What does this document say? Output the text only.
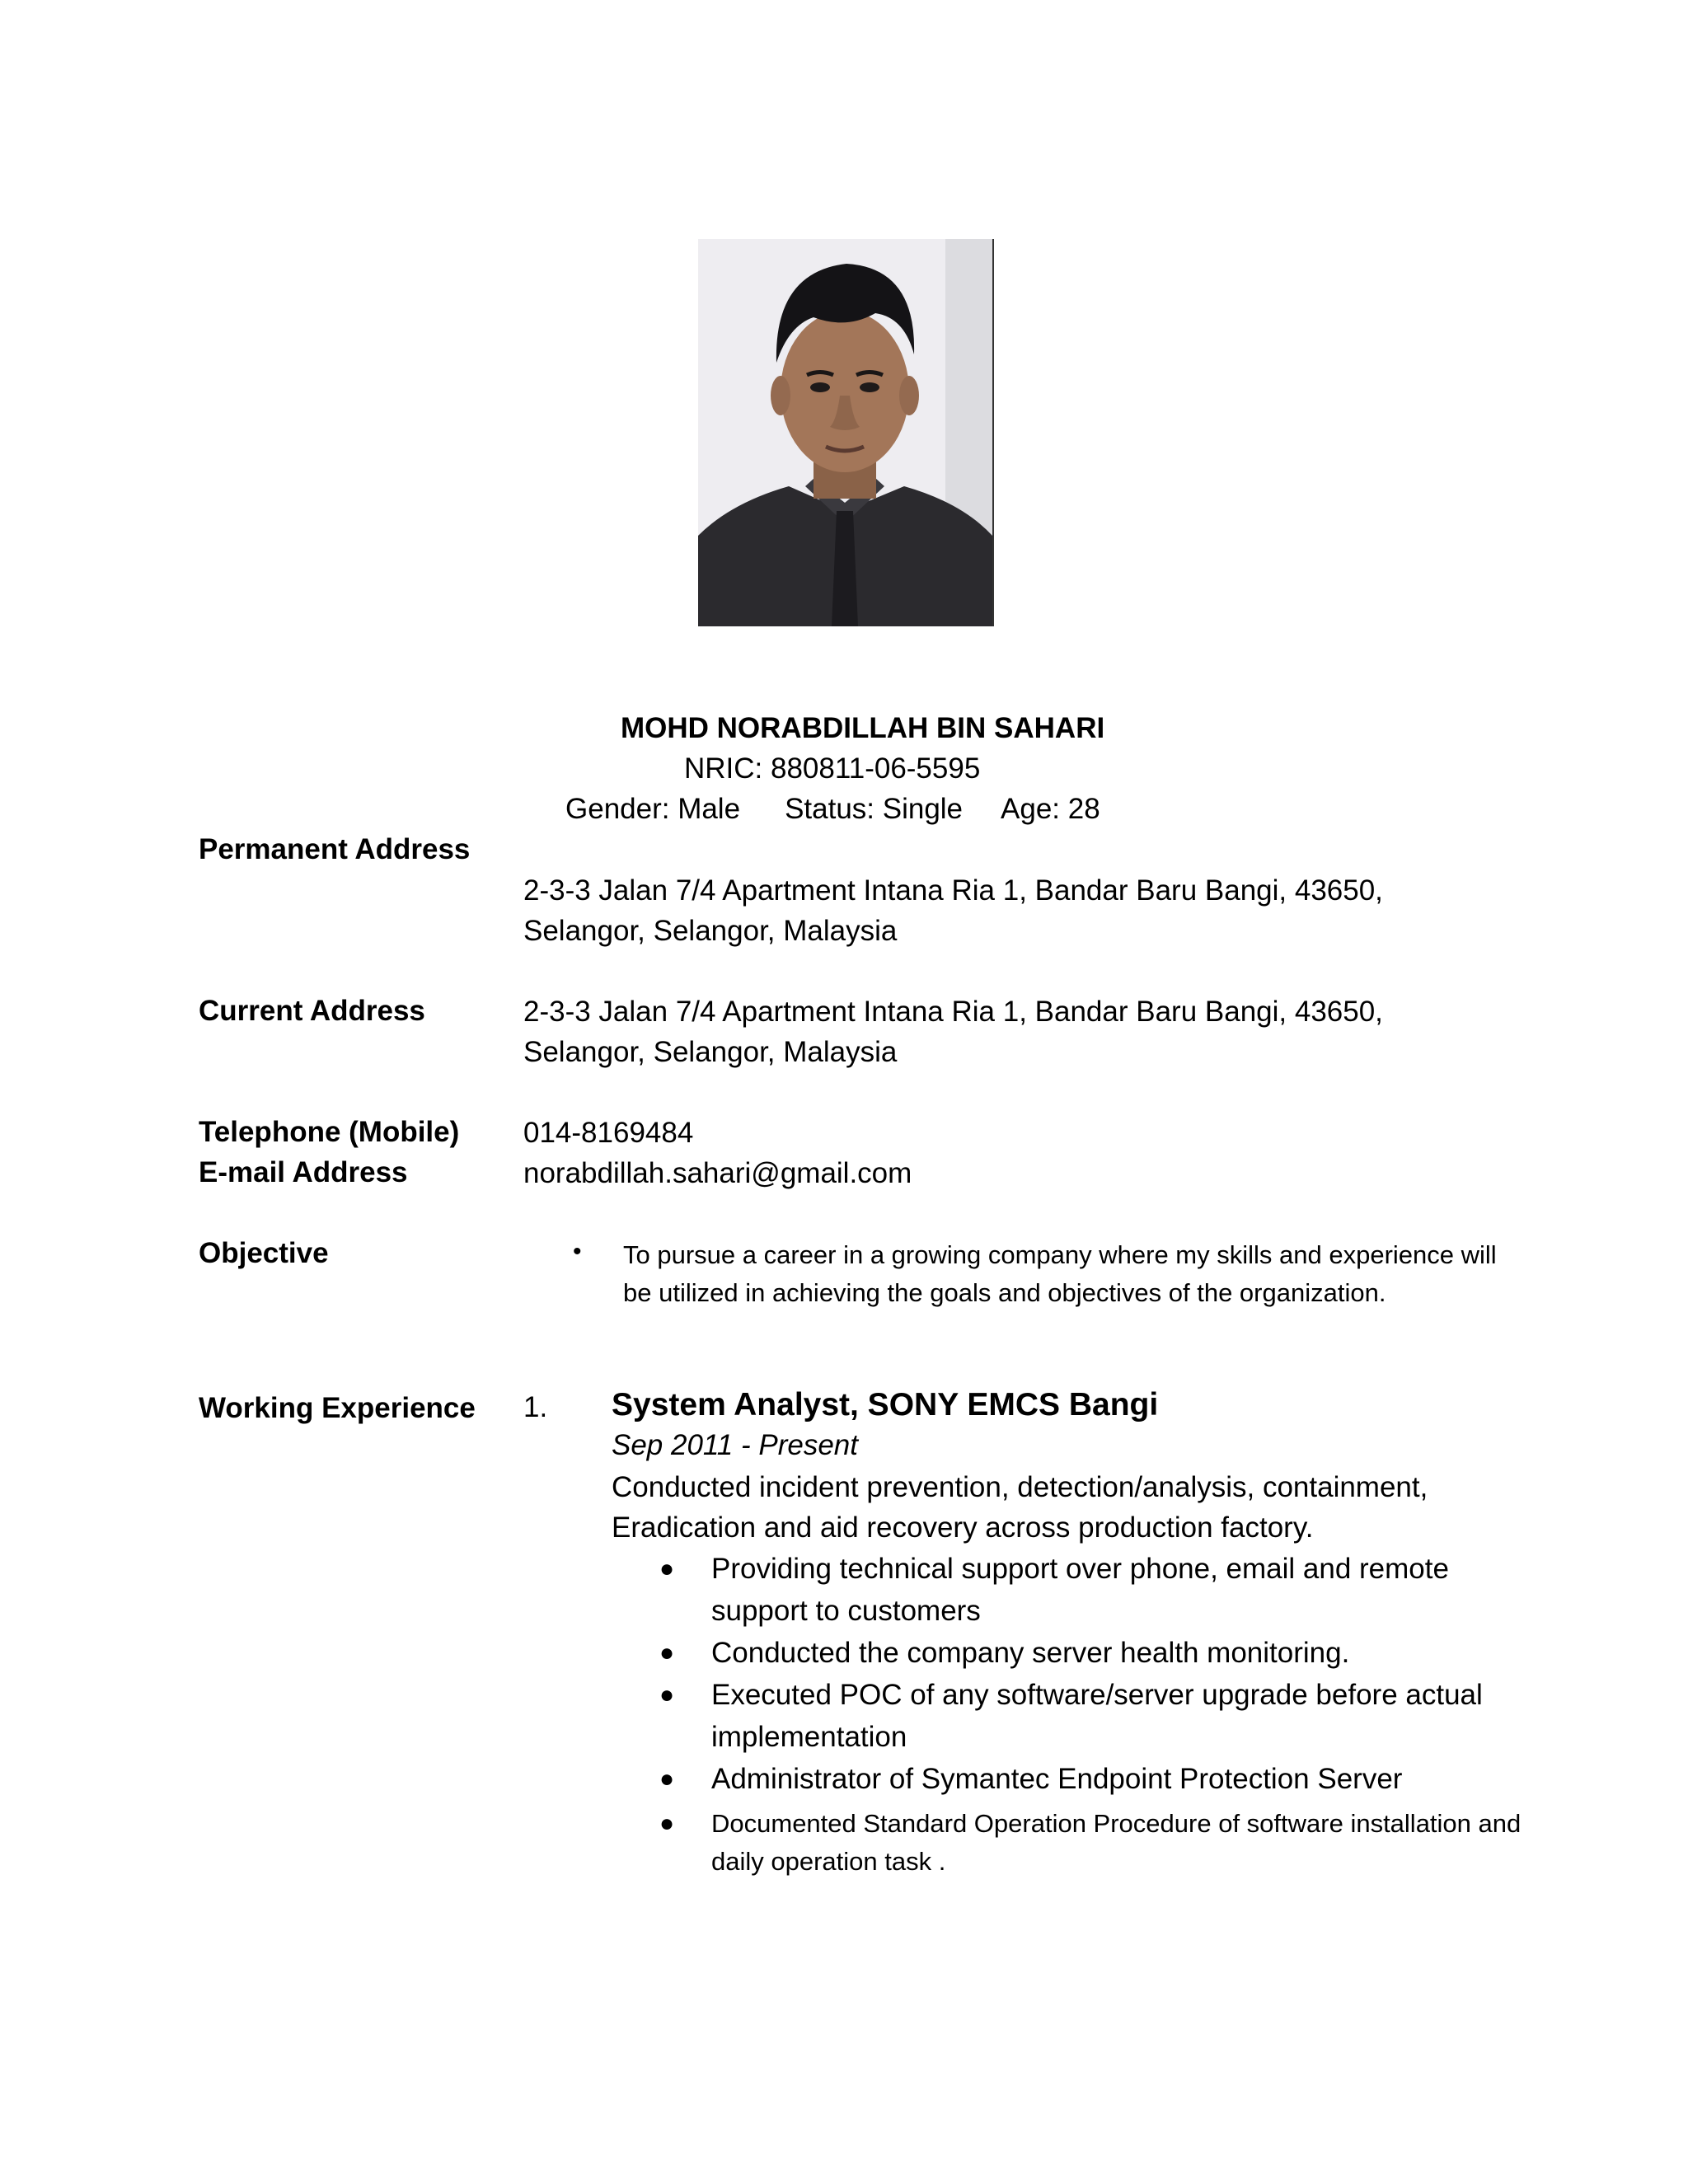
MOHD NORABDILLAH BIN SAHARI
NRIC: 880811-06-5595
Gender: Male Status: Single Age: 28
Permanent Address
2-3-3 Jalan 7/4 Apartment Intana Ria 1, Bandar Baru Bangi, 43650,
Selangor, Selangor, Malaysia
Current Address	2-3-3 Jalan 7/4 Apartment Intana Ria 1, Bandar Baru Bangi, 43650,
Selangor, Selangor, Malaysia
Telephone (Mobile) 014-8169484
E-mail Address	norabdillah.sahari@gmail.com
Objective	• To pursue a career in a growing company where my skills and experience will be utilized in achieving the goals and objectives of the organization.
Working Experience 1. System Analyst, SONY EMCS Bangi
Sep 2011 - Present
Conducted incident prevention, detection/analysis, containment, Eradication and aid recovery across production factory.
● Providing technical support over phone, email and remote support to customers
● Conducted the company server health monitoring.
● Executed POC of any software/server upgrade before actual implementation
● Administrator of Symantec Endpoint Protection Server
● Documented Standard Operation Procedure of software installation and daily operation task .
